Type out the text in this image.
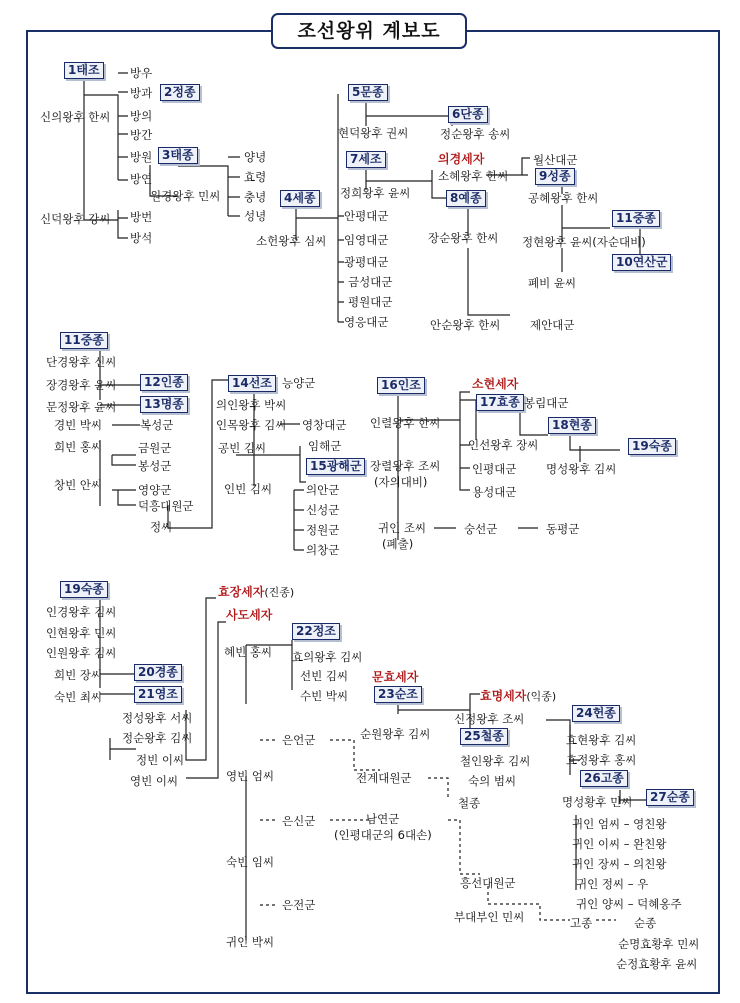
조선왕위 계보도
1태조
신의왕후 한씨
신덕왕후 강씨
방우
방과 2정종
방의
방간
방원 3태종
방연
원경왕후 민씨
방번
방석
양녕
효령
충녕
성녕
4세종
소헌왕후 심씨
5문종
현덕왕후 권씨
6단종
정순왕후 송씨
7세조	의경세자
소혜왕후 한씨
월산대군
9성종
공혜왕후 한씨
정희왕후 윤씨	8예종
11중종
정현왕후 윤씨(자순대비)
10연산군
폐비 윤씨
장순왕후 한씨
안순왕후 한씨	제안대군
안평대군
임영대군
광평대군
금성대군
평원대군
영응대군
11중종
단경왕후 신씨
장경왕후 윤씨	12인종
문정왕후 윤씨	13명종
경빈 박씨	복성군
희빈 홍씨	금원군
봉성군
창빈 안씨	영양군
덕흥대원군
정씨
14선조 능양군
의인왕후 박씨
인목왕후 김씨 영창대군
공빈 김씨	임해군
15광해군
인빈 김씨	의안군
신성군
정원군
의창군
16인조	소현세자
인렬왕후 한씨
17효종 봉림대군
인선왕후 장씨
18현종
19숙종
인평대군	명성왕후 김씨
용성대군
장렬왕후 조씨
(자의대비)
귀인 조씨
(폐출)
숭선군	동평군
19숙종
인경왕후 김씨
인현왕후 민씨
인원왕후 김씨
희빈 장씨	20경종
숙빈 최씨	21영조
효장세자(진종)
사도세자
혜빈 홍씨
22정조
효의왕후 김씨
선빈 김씨
수빈 박씨
정성왕후 서씨
정순왕후 김씨
정빈 이씨
영빈 이씨
은언군
영빈 엄씨	전계대원군
철종
은신군	남연군
(인평대군의 6대손)
숙빈 임씨
흥선대원군
은전군
부대부인 민씨
귀인 박씨
문효세자
23순조
순원왕후 김씨
효명세자(익종)
신정왕후 조씨	24헌종
25철종	효현왕후 김씨
철인왕후 김씨	효정왕후 홍씨
숙의 범씨	26고종
명성황후 민씨	27순종
귀인 엄씨 – 영친왕
귀인 이씨 – 완친왕
귀인 장씨 – 의친왕
귀인 정씨 – 우
귀인 양씨 – 덕혜옹주
고종	순종
순명효황후 민씨
순정효황후 윤씨
